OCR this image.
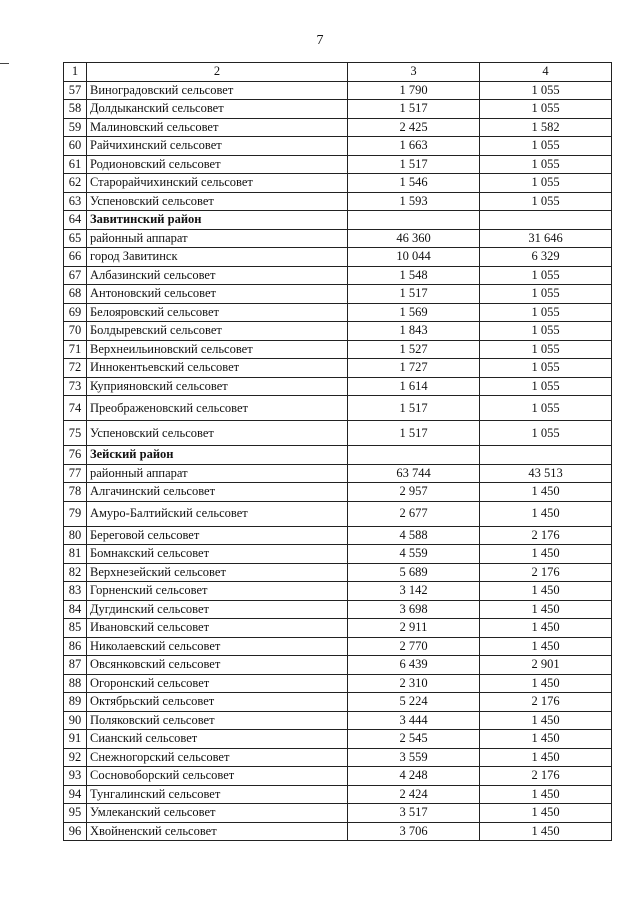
7
1	2	3	4
57	Виноградовский сельсовет	1 790	1 055
58	Долдыканский сельсовет	1 517	1 055
59	Малиновский сельсовет	2 425	1 582
60	Райчихинский сельсовет	1 663	1 055
61	Родионовский сельсовет	1 517	1 055
62	Старорайчихинский сельсовет	1 546	1 055
63	Успеновский сельсовет	1 593	1 055
64	Завитинский район		
65	районный аппарат	46 360	31 646
66	город Завитинск	10 044	6 329
67	Албазинский сельсовет	1 548	1 055
68	Антоновский сельсовет	1 517	1 055
69	Белояровский сельсовет	1 569	1 055
70	Болдыревский сельсовет	1 843	1 055
71	Верхнеильиновский сельсовет	1 527	1 055
72	Иннокентьевский сельсовет	1 727	1 055
73	Куприяновский сельсовет	1 614	1 055
74	Преображеновский сельсовет	1 517	1 055
75	Успеновский сельсовет	1 517	1 055
76	Зейский район		
77	районный аппарат	63 744	43 513
78	Алгачинский сельсовет	2 957	1 450
79	Амуро-Балтийский сельсовет	2 677	1 450
80	Береговой сельсовет	4 588	2 176
81	Бомнакский сельсовет	4 559	1 450
82	Верхнезейский сельсовет	5 689	2 176
83	Горненский сельсовет	3 142	1 450
84	Дугдинский сельсовет	3 698	1 450
85	Ивановский сельсовет	2 911	1 450
86	Николаевский сельсовет	2 770	1 450
87	Овсянковский сельсовет	6 439	2 901
88	Огоронский сельсовет	2 310	1 450
89	Октябрьский сельсовет	5 224	2 176
90	Поляковский сельсовет	3 444	1 450
91	Сианский сельсовет	2 545	1 450
92	Снежногорский сельсовет	3 559	1 450
93	Сосновоборский сельсовет	4 248	2 176
94	Тунгалинский сельсовет	2 424	1 450
95	Умлеканский сельсовет	3 517	1 450
96	Хвойненский сельсовет	3 706	1 450
